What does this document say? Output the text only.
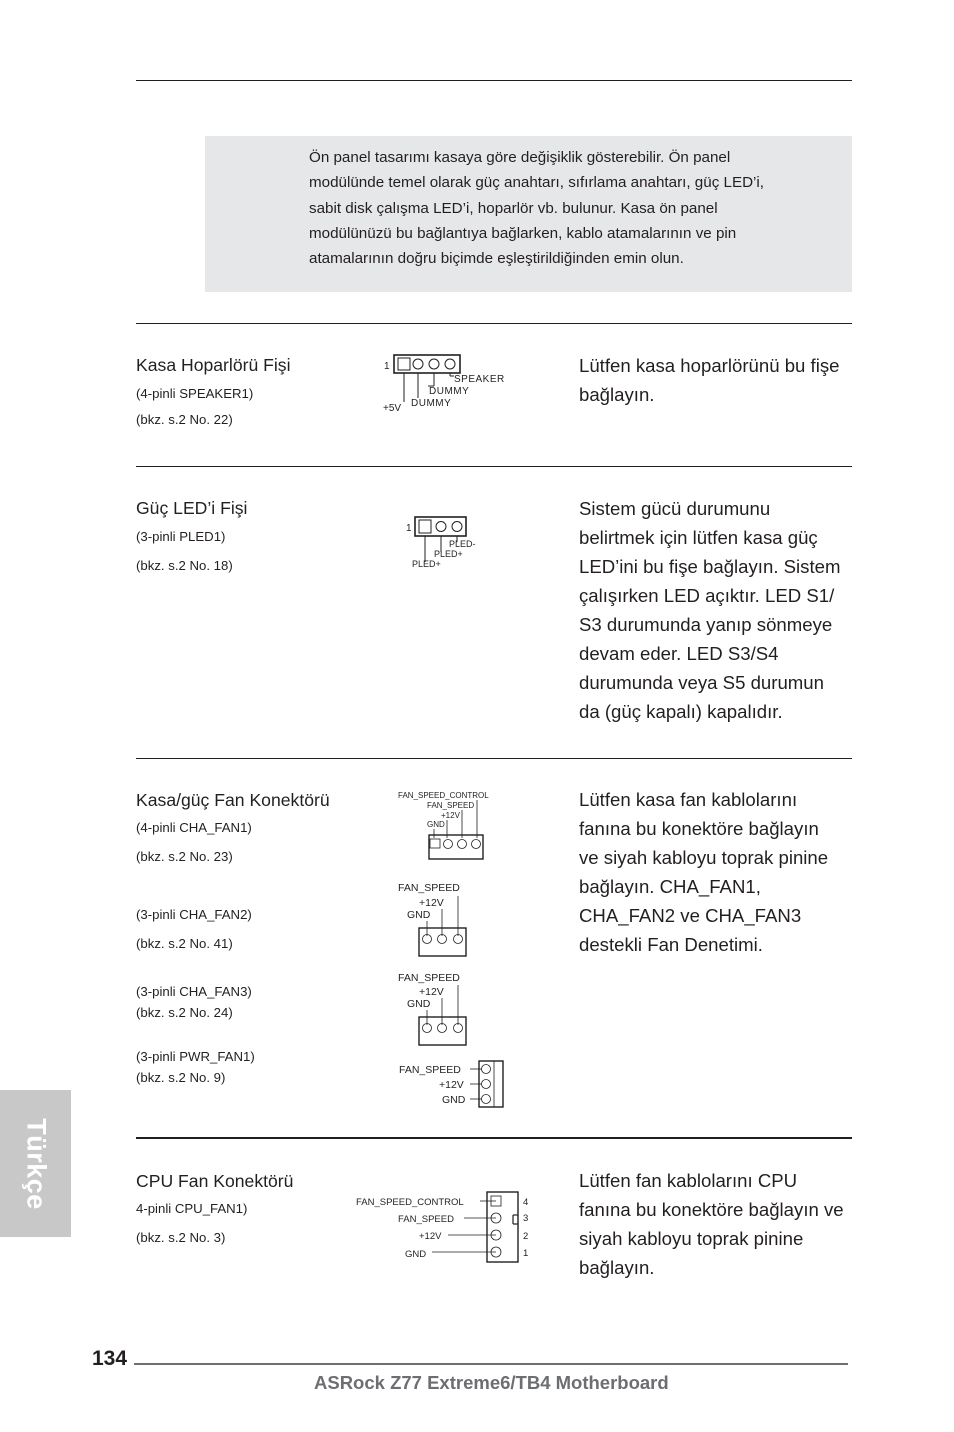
Ön panel tasarımı kasaya göre değişiklik gösterebilir. Ön panel

modülünde temel olarak güç anahtarı, sıfırlama anahtarı, güç LED’i,

sabit disk çalışma LED’i, hoparlör vb. bulunur. Kasa ön panel

modülünüzü bu bağlantıya bağlarken, kablo atamalarının ve pin

atamalarının doğru biçimde eşleştirildiğinden emin olun.

Kasa Hoparlörü Fişi
(4-pinli SPEAKER1)
(bkz. s.2 No. 22)
1
SPEAKER
DUMMY
+5V DUMMY

Lütfen kasa hoparlörünü bu fişe

bağlayın.

Güç LED’i Fişi
(3-pinli PLED1)
(bkz. s.2 No. 18)
1
PLED-
PLED+
PLED+

Sistem gücü durumunu

belirtmek için lütfen kasa güç

LED’ini bu fişe bağlayın. Sistem

çalışırken LED açıktır. LED S1/

S3 durumunda yanıp sönmeye

devam eder. LED S3/S4

durumunda veya S5 durumun

da (güç kapalı) kapalıdır.

Kasa/güç Fan Konektörü
(4-pinli CHA_FAN1)
(bkz. s.2 No. 23)
(3-pinli CHA_FAN2)
(bkz. s.2 No. 41)
(3-pinli CHA_FAN3)
(bkz. s.2 No. 24)
(3-pinli PWR_FAN1)
(bkz. s.2 No. 9)
FAN_SPEED_CONTROL
FAN_SPEED
+12V
GND
FAN_SPEED
+12V
GND
FAN_SPEED
+12V
GND
FAN_SPEED
+12V
GND

Lütfen kasa fan kablolarını

fanına bu konektöre bağlayın

ve siyah kabloyu toprak pinine

bağlayın. CHA_FAN1,

CHA_FAN2 ve CHA_FAN3

destekli Fan Denetimi.

CPU Fan Konektörü
4-pinli CPU_FAN1)
(bkz. s.2 No. 3)
FAN_SPEED_CONTROL
FAN_SPEED
+12V
GND
4
3
2
1

Lütfen fan kablolarını CPU

fanına bu konektöre bağlayın ve

siyah kabloyu toprak pinine

bağlayın.

Türkçe
134
ASRock Z77 Extreme6/TB4 Motherboard
